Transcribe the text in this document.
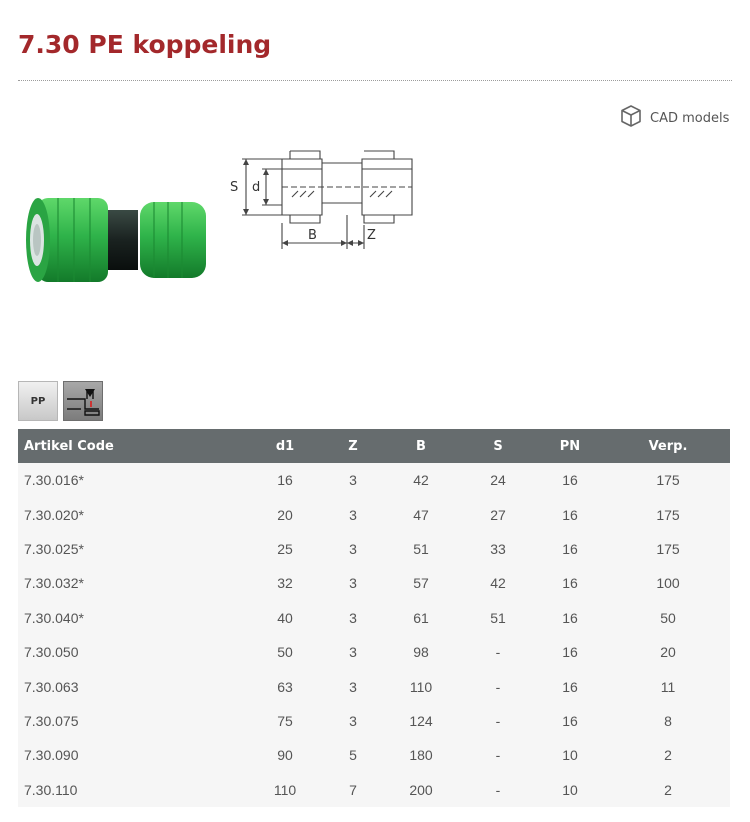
7.30 PE koppeling
CAD models
S d
B	Z
PP
Artikel Code	d1	Z	B	S	PN	Verp.
7.30.016*	16	3	42	24	16	175
7.30.020*	20	3	47	27	16	175
7.30.025*	25	3	51	33	16	175
7.30.032*	32	3	57	42	16	100
7.30.040*	40	3	61	51	16	50
7.30.050	50	3	98	-	16	20
7.30.063	63	3	110	-	16	11
7.30.075	75	3	124	-	16	8
7.30.090	90	5	180	-	10	2
7.30.110	110	7	200	-	10	2
